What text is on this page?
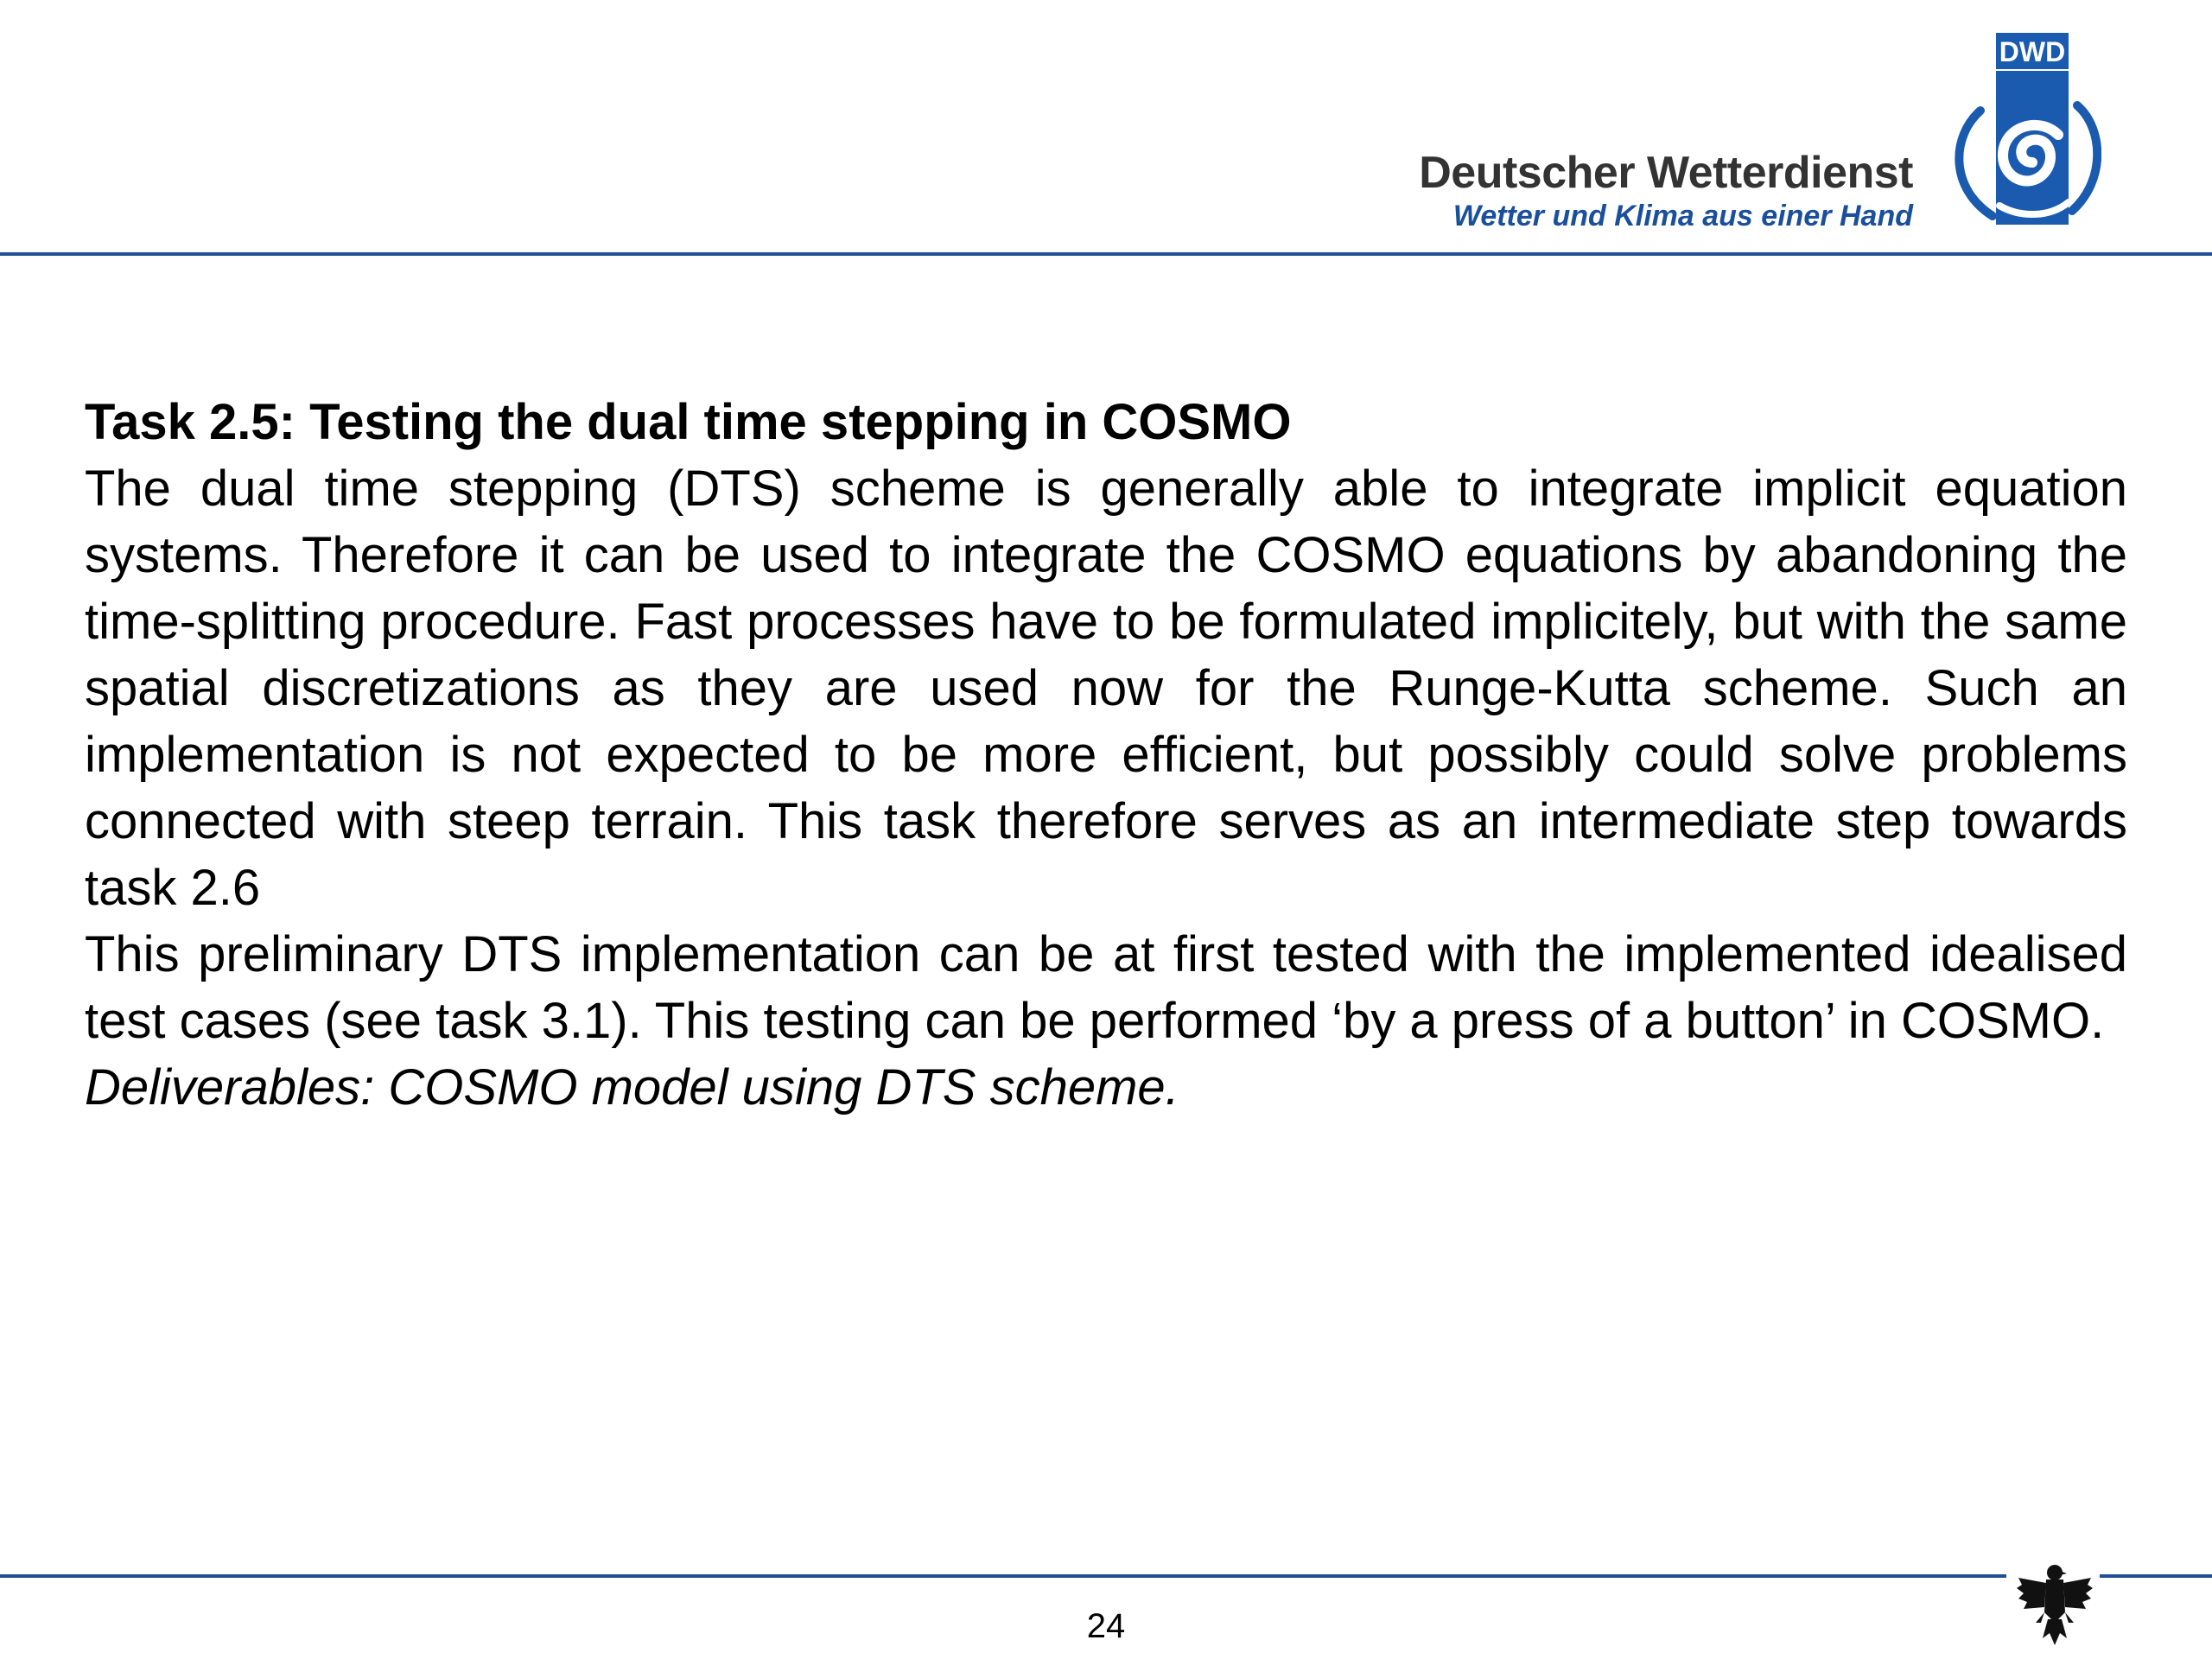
Deutscher Wetterdienst
Wetter und Klima aus einer Hand
DWD

Task 2.5: Testing the dual time stepping in COSMO

The dual time stepping (DTS) scheme is generally able to integrate implicit equation systems. Therefore it can be used to integrate the COSMO equations by abandoning the time-splitting procedure. Fast processes have to be formulated implicitely, but with the same spatial discretizations as they are used now for the Runge-Kutta scheme. Such an implementation is not expected to be more efficient, but possibly could solve problems connected with steep terrain. This task therefore serves as an intermediate step towards task 2.6

This preliminary DTS implementation can be at first tested with the implemented idealised test cases (see task 3.1). This testing can be performed ‘by a press of a button’ in COSMO.

Deliverables: COSMO model using DTS scheme.

24
